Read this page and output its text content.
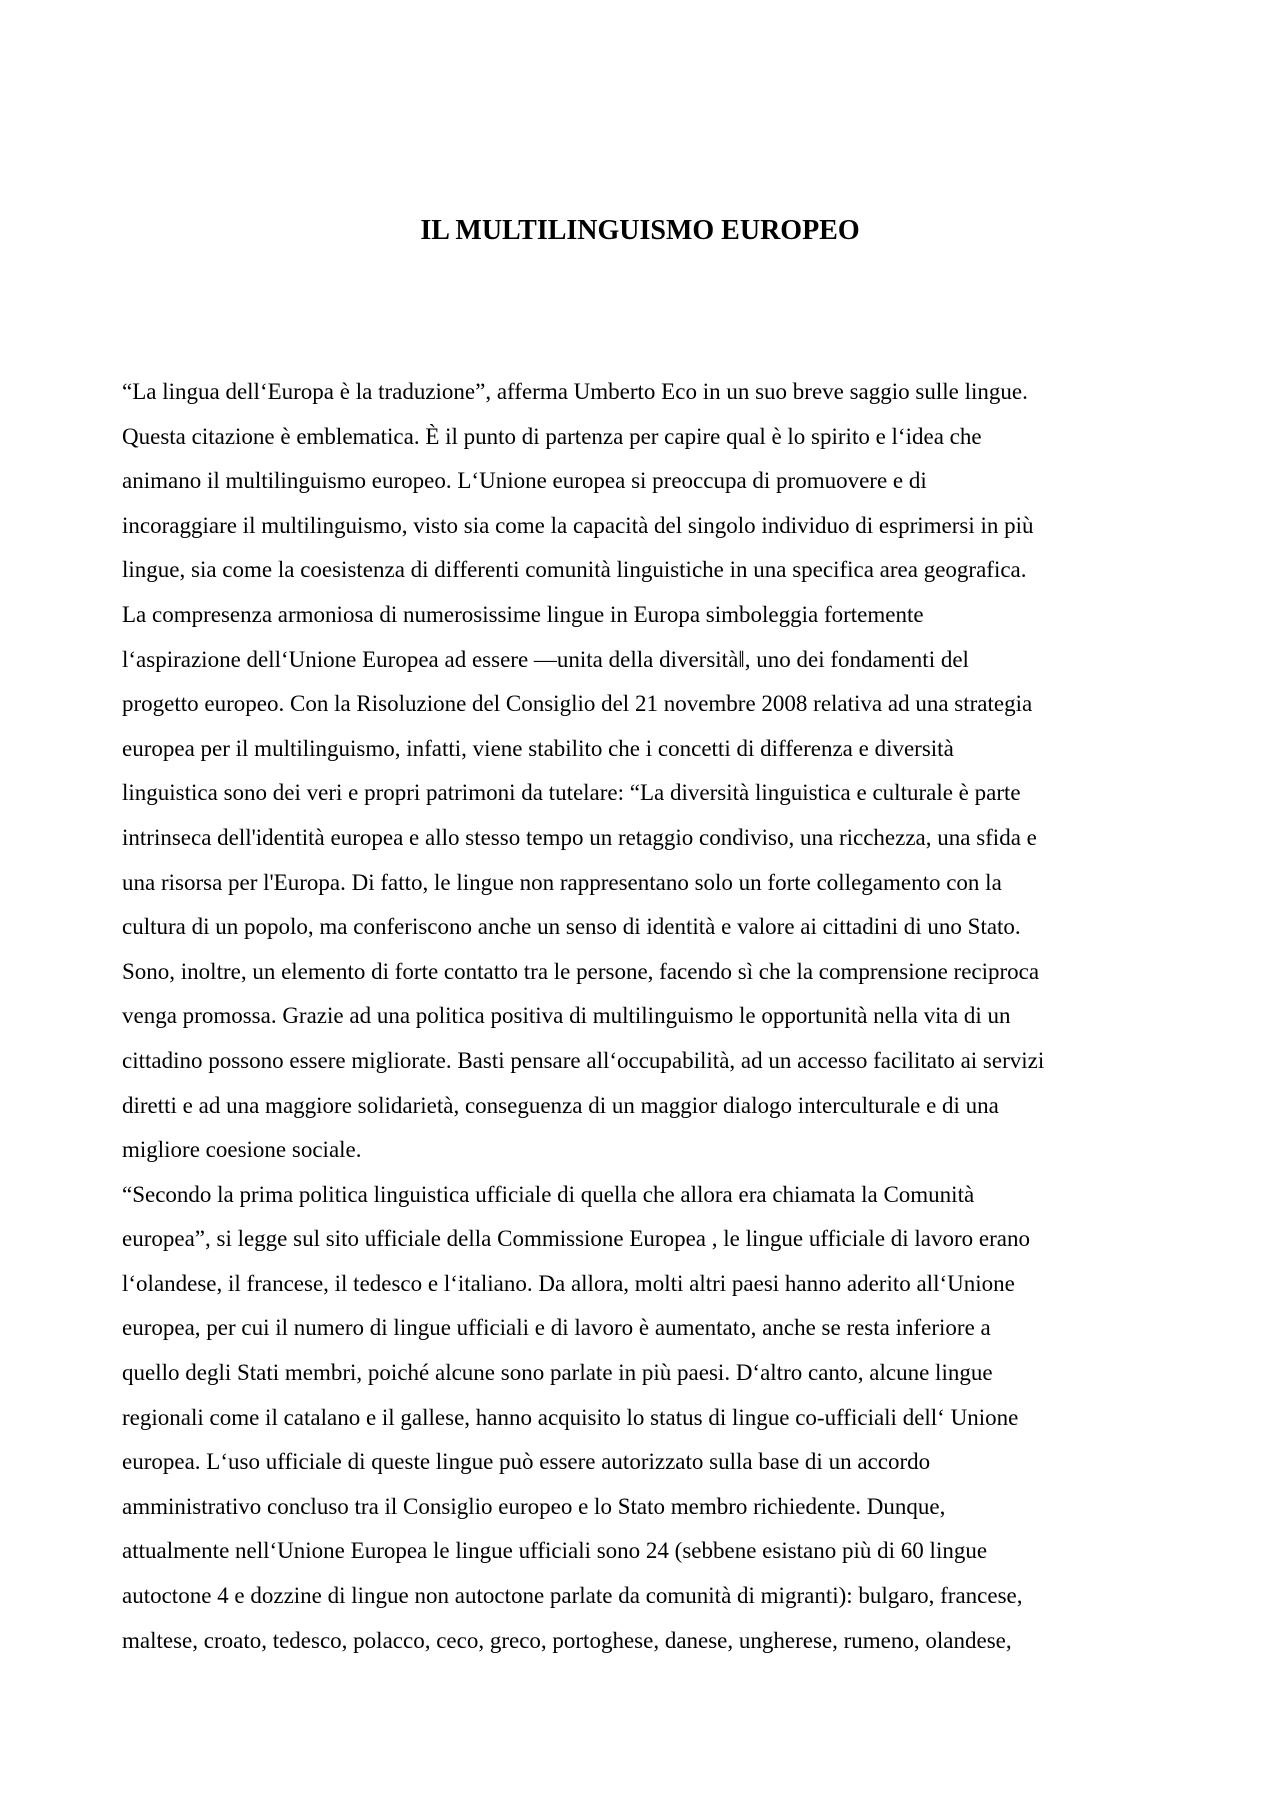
IL MULTILINGUISMO EUROPEO
“La lingua dell‘Europa è la traduzione”, afferma Umberto Eco in un suo breve saggio sulle lingue.
Questa citazione è emblematica. È il punto di partenza per capire qual è lo spirito e l‘idea che
animano il multilinguismo europeo. L‘Unione europea si preoccupa di promuovere e di
incoraggiare il multilinguismo, visto sia come la capacità del singolo individuo di esprimersi in più
lingue, sia come la coesistenza di differenti comunità linguistiche in una specifica area geografica.
La compresenza armoniosa di numerosissime lingue in Europa simboleggia fortemente
l‘aspirazione dell‘Unione Europea ad essere ―unita della diversità‖, uno dei fondamenti del
progetto europeo. Con la Risoluzione del Consiglio del 21 novembre 2008 relativa ad una strategia
europea per il multilinguismo, infatti, viene stabilito che i concetti di differenza e diversità
linguistica sono dei veri e propri patrimoni da tutelare: “La diversità linguistica e culturale è parte
intrinseca dell'identità europea e allo stesso tempo un retaggio condiviso, una ricchezza, una sfida e
una risorsa per l'Europa. Di fatto, le lingue non rappresentano solo un forte collegamento con la
cultura di un popolo, ma conferiscono anche un senso di identità e valore ai cittadini di uno Stato.
Sono, inoltre, un elemento di forte contatto tra le persone, facendo sì che la comprensione reciproca
venga promossa. Grazie ad una politica positiva di multilinguismo le opportunità nella vita di un
cittadino possono essere migliorate. Basti pensare all‘occupabilità, ad un accesso facilitato ai servizi
diretti e ad una maggiore solidarietà, conseguenza di un maggior dialogo interculturale e di una
migliore coesione sociale.
“Secondo la prima politica linguistica ufficiale di quella che allora era chiamata la Comunità
europea”, si legge sul sito ufficiale della Commissione Europea , le lingue ufficiale di lavoro erano
l‘olandese, il francese, il tedesco e l‘italiano. Da allora, molti altri paesi hanno aderito all‘Unione
europea, per cui il numero di lingue ufficiali e di lavoro è aumentato, anche se resta inferiore a
quello degli Stati membri, poiché alcune sono parlate in più paesi. D‘altro canto, alcune lingue
regionali come il catalano e il gallese, hanno acquisito lo status di lingue co-ufficiali dell‘ Unione
europea. L‘uso ufficiale di queste lingue può essere autorizzato sulla base di un accordo
amministrativo concluso tra il Consiglio europeo e lo Stato membro richiedente. Dunque,
attualmente nell‘Unione Europea le lingue ufficiali sono 24 (sebbene esistano più di 60 lingue
autoctone 4 e dozzine di lingue non autoctone parlate da comunità di migranti): bulgaro, francese,
maltese, croato, tedesco, polacco, ceco, greco, portoghese, danese, ungherese, rumeno, olandese,
